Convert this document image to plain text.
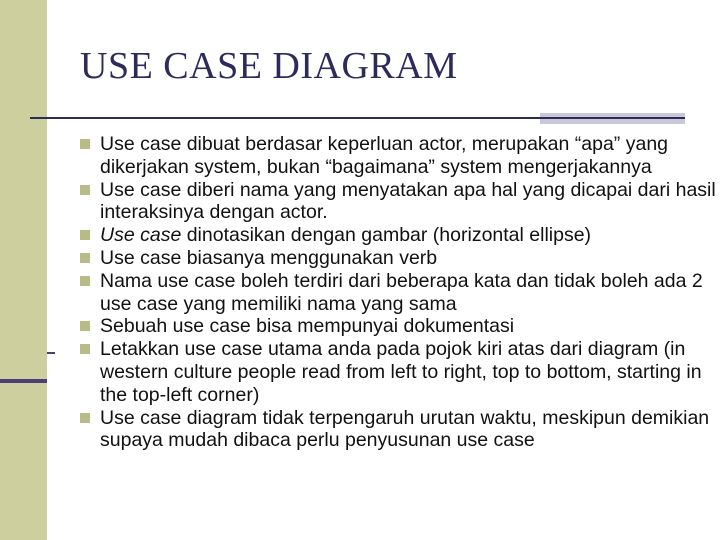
USE CASE DIAGRAM
Use case dibuat berdasar keperluan actor, merupakan “apa” yang dikerjakan system, bukan “bagaimana” system mengerjakannya
Use case diberi nama yang menyatakan apa hal yang dicapai dari hasil interaksinya dengan actor.
Use case dinotasikan dengan gambar (horizontal ellipse)
Use case biasanya menggunakan verb
Nama use case boleh terdiri dari beberapa kata dan tidak boleh ada 2 use case yang memiliki nama yang sama
Sebuah use case bisa mempunyai dokumentasi
Letakkan use case utama anda pada pojok kiri atas dari diagram (in western culture people read from left to right, top to bottom, starting in the top-left corner)
Use case diagram tidak terpengaruh urutan waktu, meskipun demikian supaya mudah dibaca perlu penyusunan use case
